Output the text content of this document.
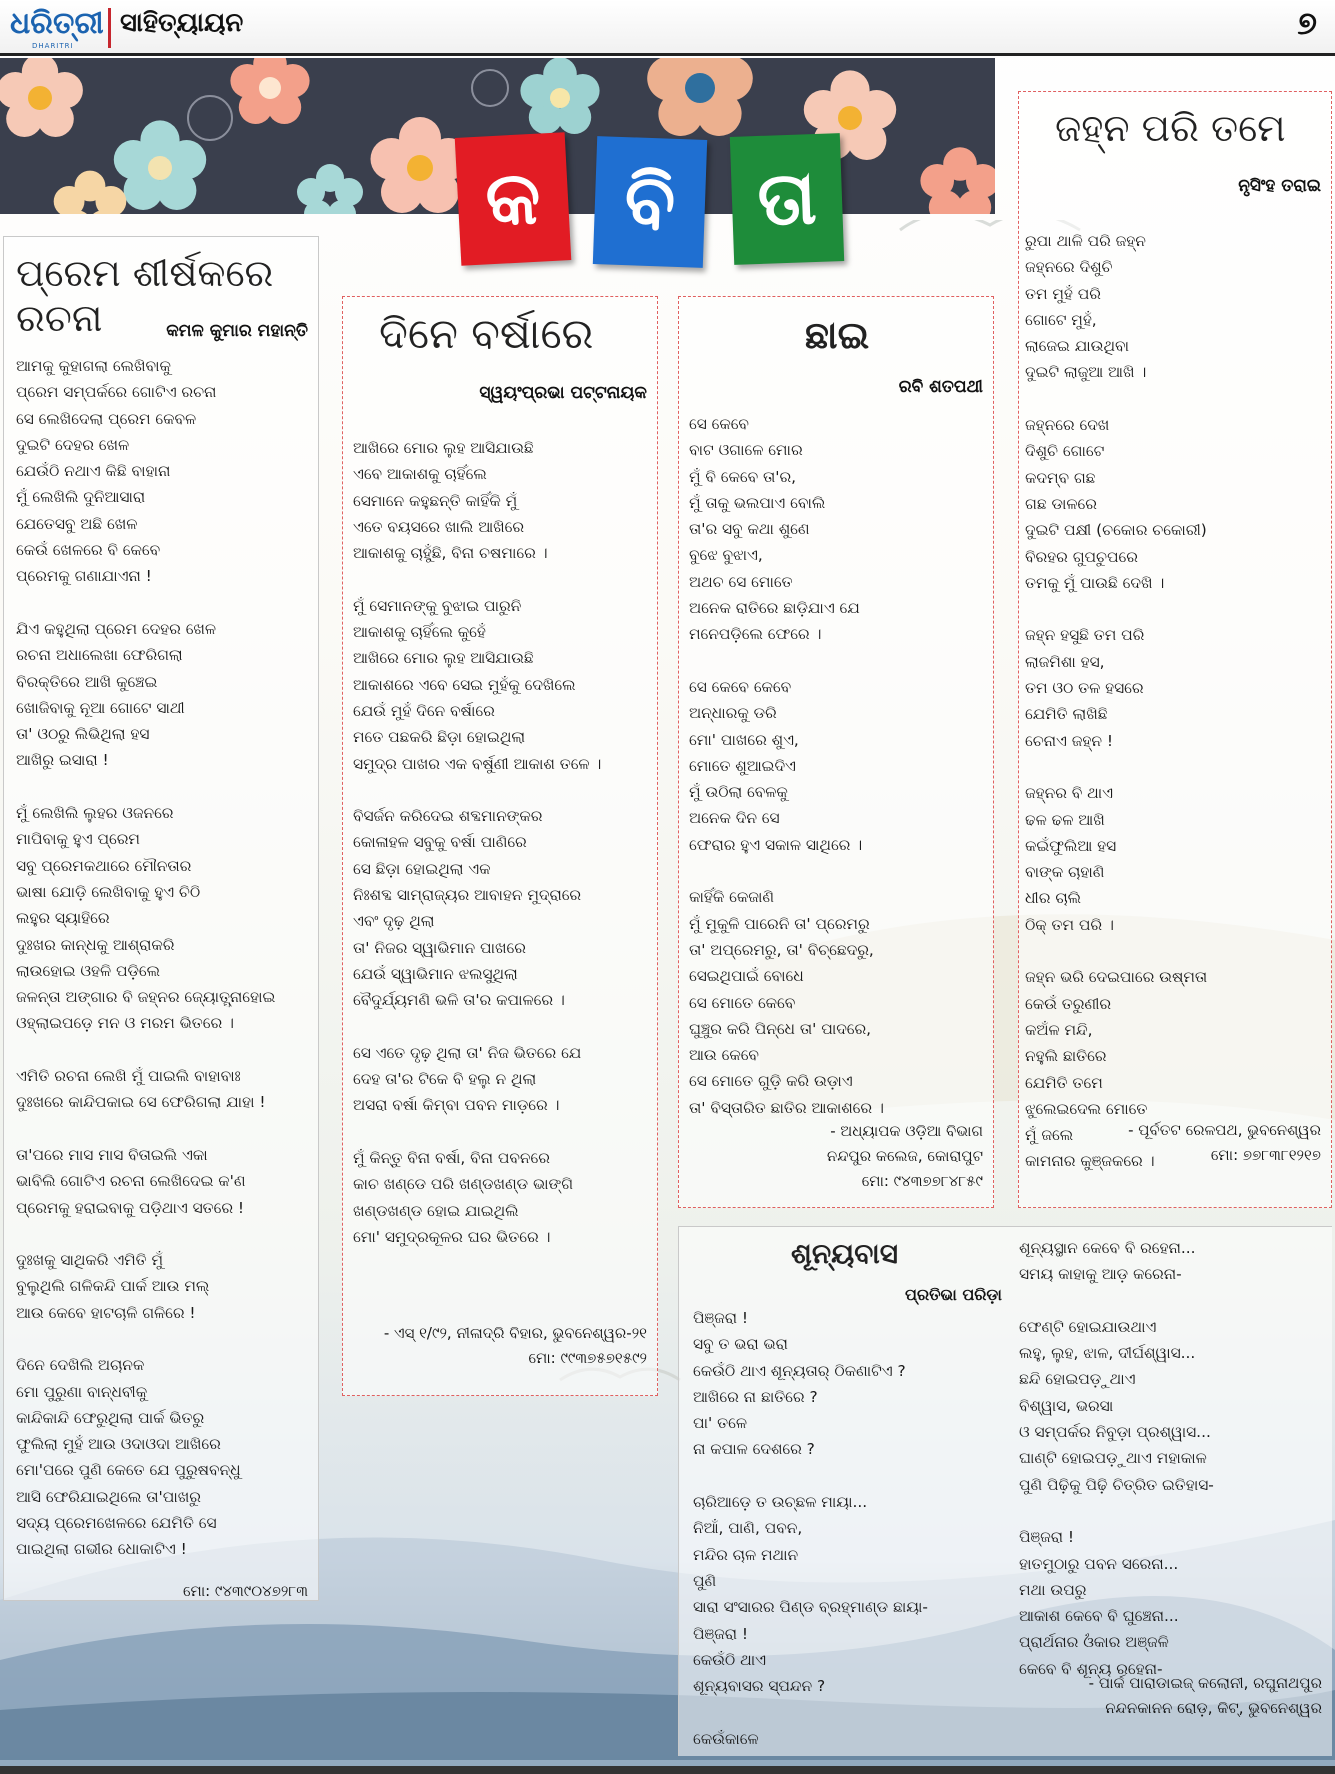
ଧରିତ୍ରୀ
DHARITRI
ସାହିତ୍ୟାୟନ	୭
କ	ବି	ତା
ପ୍ରେମ ଶୀର୍ଷକରେ ରଚନା	କମଳ କୁମାର ମହାନ୍ତି
ଆମକୁ କୁହାଗଲା ଲେଖିବାକୁ
ପ୍ରେମ ସମ୍ପର୍କରେ ଗୋଟିଏ ରଚନା
ସେ ଲେଖିଦେଲା ପ୍ରେମ କେବଳ
ଦୁଇଟି ଦେହର ଖେଳ
ଯେଉଁଠି ନଥାଏ କିଛି ବାହାନା
ମୁଁ ଲେଖିଲି ଦୁନିଆସାରା
ଯେତେସବୁ ଅଛି ଖେଳ
କେଉଁ ଖେଳରେ ବି କେବେ
ପ୍ରେମକୁ ଗଣାଯାଏନା !
ଯିଏ କହୁଥିଲା ପ୍ରେମ ଦେହର ଖେଳ
ରଚନା ଅଧାଲେଖା ଫେରିଗଲା
ବିରକ୍ତିରେ ଆଖି କୁଞ୍ଚେଇ
ଖୋଜିବାକୁ ନୂଆ ଗୋଟେ ସାଥୀ
ତା' ଓଠରୁ ଲିଭିଥିଲା ହସ
ଆଖିରୁ ଇସାରା !
ମୁଁ ଲେଖିଲି ଲୁହର ଓଜନରେ
ମାପିବାକୁ ହୁଏ ପ୍ରେମ
ସବୁ ପ୍ରେମକଥାରେ ମୌନତାର
ଭାଷା ଯୋଡ଼ି ଲେଖିବାକୁ ହୁଏ ଚିଠି
ଲହୁର ସ୍ୟାହିରେ
ଦୁଃଖର କାନ୍ଧକୁ ଆଶ୍ରାକରି
ଲାଉହୋଇ ଓହଳି ପଡ଼ିଲେ
ଜଳନ୍ତା ଅଙ୍ଗାର ବି ଜହ୍ନର ଜ୍ୟୋତ୍ସ୍ନାହୋଇ
ଓହ୍ଲାଇପଡ଼େ ମନ ଓ ମରମ ଭିତରେ ।
ଏମିତି ରଚନା ଲେଖି ମୁଁ ପାଇଲି ବାହାବାଃ
ଦୁଃଖରେ କାନ୍ଦିପକାଇ ସେ ଫେରିଗଲା ଯାହା !
ତା'ପରେ ମାସ ମାସ ବିତାଇଲି ଏକା
ଭାବିଲି ଗୋଟିଏ ରଚନା ଲେଖିଦେଇ କ'ଣ
ପ୍ରେମକୁ ହରାଇବାକୁ ପଡ଼ିଥାଏ ସତରେ !
ଦୁଃଖକୁ ସାଥିକରି ଏମିତି ମୁଁ
ବୁଲୁଥିଲି ଗଳିକନ୍ଦି ପାର୍କ ଆଉ ମଲ୍
ଆଉ କେବେ ହାଟଚାଳି ଗଳିରେ !
ଦିନେ ଦେଖିଲି ଅଚାନକ
ମୋ ପୁରୁଣା ବାନ୍ଧବୀକୁ
କାନ୍ଦିକାନ୍ଦି ଫେରୁଥିଲା ପାର୍କ ଭିତରୁ
ଫୁଲିଲା ମୁହଁ ଆଉ ଓଦାଓଦା ଆଖିରେ
ମୋ'ପରେ ପୁଣି କେତେ ଯେ ପୁରୁଷବନ୍ଧୁ
ଆସି ଫେରିଯାଇଥିଲେ ତା'ପାଖରୁ
ସଦ୍ୟ ପ୍ରେମଖେଳରେ ଯେମିତି ସେ
ପାଇଥିଲା ଗଭୀର ଧୋକାଟିଏ !
ମୋ: ୯୪୩୯୦୪୭୨୮୩
ଦିନେ ବର୍ଷାରେ
ସ୍ୱୟଂପ୍ରଭା ପଟ୍ଟନାୟକ
ଆଖିରେ ମୋର ଲୁହ ଆସିଯାଉଛି
ଏବେ ଆକାଶକୁ ଚାହିଁଲେ
ସେମାନେ କହୁଛନ୍ତି କାହିଁକି ମୁଁ
ଏତେ ବୟସରେ ଖାଲି ଆଖିରେ
ଆକାଶକୁ ଚାହୁଁଛି, ବିନା ଚଷମାରେ ।
ମୁଁ ସେମାନଙ୍କୁ ବୁଝାଇ ପାରୁନି
ଆକାଶକୁ ଚାହିଁଲେ କୁହେଁ
ଆଖିରେ ମୋର ଲୁହ ଆସିଯାଉଛି
ଆକାଶରେ ଏବେ ସେଇ ମୁହଁକୁ ଦେଖିଲେ
ଯେଉଁ ମୁହଁ ଦିନେ ବର୍ଷାରେ
ମତେ ପଛକରି ଛିଡ଼ା ହୋଇଥିଲା
ସମୁଦ୍ର ପାଖର ଏକ ବର୍ଷୁଣୀ ଆକାଶ ତଳେ ।
ବିସର୍ଜନ କରିଦେଇ ଶବ୍ଦମାନଙ୍କର
କୋଳାହଳ ସବୁକୁ ବର୍ଷା ପାଣିରେ
ସେ ଛିଡ଼ା ହୋଇଥିଲା ଏକ
ନିଃଶବ୍ଦ ସାମ୍ରାଜ୍ୟର ଆବାହନ ମୁଦ୍ରାରେ
ଏବଂ ଦୃଢ଼ ଥିଲା
ତା' ନିଜର ସ୍ୱାଭିମାନ ପାଖରେ
ଯେଉଁ ସ୍ୱାଭିମାନ ଝଲସୁଥିଲା
ବୈଦୁର୍ଯ୍ୟମଣି ଭଳି ତା'ର କପାଳରେ ।
ସେ ଏତେ ଦୃଢ଼ ଥିଲା ତା' ନିଜ ଭିତରେ ଯେ
ଦେହ ତା'ର ଟିକେ ବି ହଲୁ ନ ଥିଲା
ଅସରା ବର୍ଷା କିମ୍ବା ପବନ ମାଡ଼ରେ ।
ମୁଁ କିନ୍ତୁ ବିନା ବର୍ଷା, ବିନା ପବନରେ
କାଚ ଖଣ୍ଡେ ପରି ଖଣ୍ଡଖଣ୍ଡ ଭାଙ୍ଗି
ଖଣ୍ଡଖଣ୍ଡ ହୋଇ ଯାଇଥିଲି
ମୋ' ସମୁଦ୍ରକୂଳର ଘର ଭିତରେ ।
- ଏସ୍ ୧/୯୨, ନୀଳାଦ୍ରି ବିହାର, ଭୁବନେଶ୍ୱର-୨୧
ମୋ: ୯୯୩୭୫୭୧୫୯୨
ଛାଇ
ରବି ଶତପଥୀ
ସେ କେବେ
ବାଟ ଓଗାଳେ ମୋର
ମୁଁ ବି କେବେ ତା'ର,
ମୁଁ ତାକୁ ଭଲପାଏ ବୋଲି
ତା'ର ସବୁ କଥା ଶୁଣେ
ବୁଝେ ବୁଝାଏ,
ଅଥଚ ସେ ମୋତେ
ଅନେକ ରାତିରେ ଛାଡ଼ିଯାଏ ଯେ
ମନେପଡ଼ିଲେ ଫେରେ ।
ସେ କେବେ କେବେ
ଅନ୍ଧାରକୁ ଡରି
ମୋ' ପାଖରେ ଶୁଏ,
ମୋତେ ଶୁଆଇଦିଏ
ମୁଁ ଉଠିଲା ବେଳକୁ
ଅନେକ ଦିନ ସେ
ଫେରାର ହୁଏ ସକାଳ ସାଥିରେ ।
କାହିଁକି କେଜାଣି
ମୁଁ ମୁକୁଳି ପାରେନି ତା' ପ୍ରେମରୁ
ତା' ଅପ୍ରେମରୁ, ତା' ବିଚ୍ଛେଦରୁ,
ସେଇଥିପାଇଁ ବୋଧେ
ସେ ମୋତେ କେବେ
ଘୁଞ୍ଚୁର କରି ପିନ୍ଧେ ତା' ପାଦରେ,
ଆଉ କେବେ
ସେ ମୋତେ ଗୁଡ଼ି କରି ଉଡ଼ାଏ
ତା' ବିସ୍ତାରିତ ଛାତିର ଆକାଶରେ ।
- ଅଧ୍ୟାପକ ଓଡ଼ିଆ ବିଭାଗ
ନନ୍ଦପୁର କଲେଜ, କୋରାପୁଟ
ମୋ: ୯୪୩୭୭୮୪୮୫୯
ଜହ୍ନ ପରି ତମେ
ନୃସିଂହ ତରାଇ
ରୁପା ଥାଳି ପରି ଜହ୍ନ
ଜହ୍ନରେ ଦିଶୁଚି
ତମ ମୁହଁ ପରି
ଗୋଟେ ମୁହଁ,
ଲାଜେଇ ଯାଉଥିବା
ଦୁଇଟି ଲାଜୁଆ ଆଖି ।
ଜହ୍ନରେ ଦେଖ
ଦିଶୁଚି ଗୋଟେ
କଦମ୍ବ ଗଛ
ଗଛ ଡାଳରେ
ଦୁଇଟି ପକ୍ଷୀ (ଚକୋର ଚକୋରୀ)
ବିରହର ଗୁପଚୁପରେ
ତମକୁ ମୁଁ ପାଉଛି ଦେଖି ।
ଜହ୍ନ ହସୁଛି ତମ ପରି
ଲାଜମିଶା ହସ,
ତମ ଓଠ ତଳ ହସରେ
ଯେମିତି ଲାଖିଛି
ଚେନାଏ ଜହ୍ନ !
ଜହ୍ନର ବି ଥାଏ
ଢଳ ଢଳ ଆଖି
କଇଁଫୁଲିଆ ହସ
ବାଙ୍କ ଚାହାଣି
ଧୀର ଚାଲି
ଠିକ୍ ତମ ପରି ।
ଜହ୍ନ ଭରି ଦେଇପାରେ ଉଷ୍ମତା
କେଉଁ ତରୁଣୀର
କଅଁଳ ମନ୍ଦି,
ନହୁଲି ଛାତିରେ
ଯେମିତି ତମେ
ଝୁଲେଇଦେଲ ମୋତେ
ମୁଁ ଜଲେ
କାମନାର କୁଞ୍ଜକରେ ।
- ପୂର୍ବତଟ ରେଳପଥ, ଭୁବନେଶ୍ୱର
ମୋ: ୭୭୮୩୮୧୨୧୭
ଶୂନ୍ୟବାସ
ପ୍ରତିଭା ପରିଡ଼ା
ପିଞ୍ଜରା !
ସବୁ ତ ଭରା ଭରା
କେଉଁଠି ଥାଏ ଶୂନ୍ୟତାର୍ ଠିକଣାଟିଏ ?
ଆଖିରେ ନା ଛାତିରେ ?
ପା' ତଳେ
ନା କପାଳ ଦେଶରେ ?
ଚାରିଆଡ଼େ ତ ଉଚ୍ଛଳ ମାୟା...
ନିଆଁ, ପାଣି, ପବନ,
ମନ୍ଦିର ଚାଳ ମଥାନ
ପୁଣି
ସାରା ସଂସାରର ପିଣ୍ଡ ବ୍ରହ୍ମାଣ୍ଡ ଛାୟା-
ପିଞ୍ଜରା !
କେଉଁଠି ଥାଏ
ଶୂନ୍ୟବାସର ସ୍ପନ୍ଦନ ?
କେଉଁକାଳେ
ଶୂନ୍ୟସ୍ଥାନ କେବେ ବି ରହେନା...
ସମୟ କାହାକୁ ଆଡ଼ କରେନା-
ଫେଣ୍ଟି ହୋଇଯାଉଥାଏ
ଲହୁ, ଲୁହ, ଝାଳ, ଦୀର୍ଘଶ୍ୱାସ...
ଛନ୍ଦି ହୋଇପଡ଼ୁଥାଏ
ବିଶ୍ୱାସ, ଭରସା
ଓ ସମ୍ପର୍କର ନିବୁଡ଼ା ପ୍ରଶ୍ୱାସ...
ଘାଣ୍ଟି ହୋଇପଡ଼ୁଥାଏ ମହାକାଳ
ପୁଣି ପିଢ଼ିକୁ ପିଢ଼ି ଚିତ୍ରିତ ଇତିହାସ-
ପିଞ୍ଜରା !
ହାତମୁଠାରୁ ପବନ ସରେନା...
ମଥା ଉପରୁ
ଆକାଶ କେବେ ବି ଘୁଞ୍ଚେନା...
ପ୍ରାର୍ଥନାର ଓଁକାର ଅଞ୍ଜଳି
କେବେ ବି ଶୂନ୍ୟ ରହେନା-
- ପାର୍କ ପାରାଡାଇଜ୍ କଲୋନୀ, ରଘୁନାଥପୁର
ନନ୍ଦନକାନନ ରୋଡ଼, କିଟ୍, ଭୁବନେଶ୍ୱର
